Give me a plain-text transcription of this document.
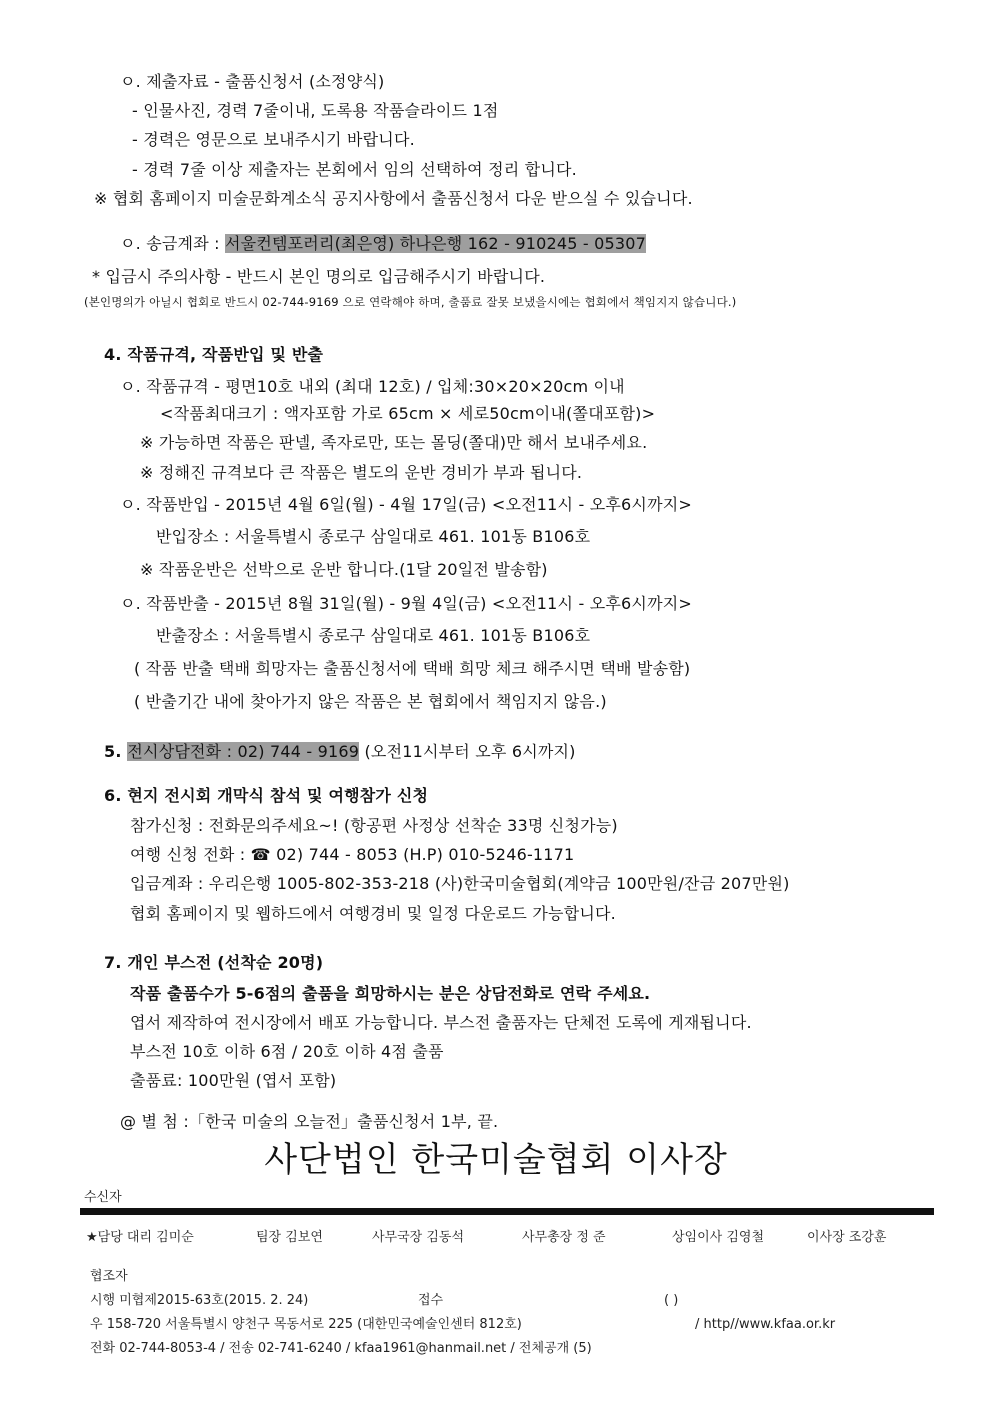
ㅇ. 제출자료 - 출품신청서 (소정양식)
- 인물사진, 경력 7줄이내, 도록용 작품슬라이드 1점
- 경력은 영문으로 보내주시기 바랍니다.
- 경력 7줄 이상 제출자는 본회에서 임의 선택하여 정리 합니다.
※ 협회 홈페이지 미술문화계소식 공지사항에서 출품신청서 다운 받으실 수 있습니다.
ㅇ. 송금계좌 : 서울컨템포러리(최은영) 하나은행 162 - 910245 - 05307
* 입금시 주의사항 - 반드시 본인 명의로 입금해주시기 바랍니다.
(본인명의가 아닐시 협회로 반드시 02-744-9169 으로 연락해야 하며, 출품료 잘못 보냈을시에는 협회에서 책임지지 않습니다.)
4. 작품규격, 작품반입 및 반출
ㅇ. 작품규격 - 평면10호 내외 (최대 12호) / 입체:30×20×20cm 이내
<작품최대크기 : 액자포함 가로 65cm × 세로50cm이내(쫄대포함)>
※ 가능하면 작품은 판넬, 족자로만, 또는 몰딩(쫄대)만 해서 보내주세요.
※ 정해진 규격보다 큰 작품은 별도의 운반 경비가 부과 됩니다.
ㅇ. 작품반입 - 2015년 4월 6일(월) - 4월 17일(금) <오전11시 - 오후6시까지>
반입장소 : 서울특별시 종로구 삼일대로 461. 101동 B106호
※ 작품운반은 선박으로 운반 합니다.(1달 20일전 발송함)
ㅇ. 작품반출 - 2015년 8월 31일(월) - 9월 4일(금) <오전11시 - 오후6시까지>
반출장소 : 서울특별시 종로구 삼일대로 461. 101동 B106호
( 작품 반출 택배 희망자는 출품신청서에 택배 희망 체크 해주시면 택배 발송함)
( 반출기간 내에 찾아가지 않은 작품은 본 협회에서 책임지지 않음.)
5. 전시상담전화 : 02) 744 - 9169 (오전11시부터 오후 6시까지)
6. 현지 전시회 개막식 참석 및 여행참가 신청
참가신청 : 전화문의주세요~! (항공편 사정상 선착순 33명 신청가능)
여행 신청 전화 : ☎ 02) 744 - 8053 (H.P) 010-5246-1171
입금계좌 : 우리은행 1005-802-353-218 (사)한국미술협회(계약금 100만원/잔금 207만원)
협회 홈페이지 및 웹하드에서 여행경비 및 일정 다운로드 가능합니다.
7. 개인 부스전 (선착순 20명)
작품 출품수가 5-6점의 출품을 희망하시는 분은 상담전화로 연락 주세요.
엽서 제작하여 전시장에서 배포 가능합니다. 부스전 출품자는 단체전 도록에 게재됩니다.
부스전 10호 이하 6점 / 20호 이하 4점 출품
출품료: 100만원 (엽서 포함)
@ 별 첨 :「한국 미술의 오늘전」출품신청서 1부, 끝.
사단법인 한국미술협회 이사장
수신자
★담당 대리 김미순	팀장 김보연	사무국장 김동석	사무총장 정 준	상임이사 김영철	이사장 조강훈
협조자
시행 미협제2015-63호(2015. 2. 24)	접수	( )
우 158-720 서울특별시 양천구 목동서로 225 (대한민국예술인센터 812호)	/ http//www.kfaa.or.kr
전화 02-744-8053-4 / 전송 02-741-6240 / kfaa1961@hanmail.net / 전체공개 (5)
